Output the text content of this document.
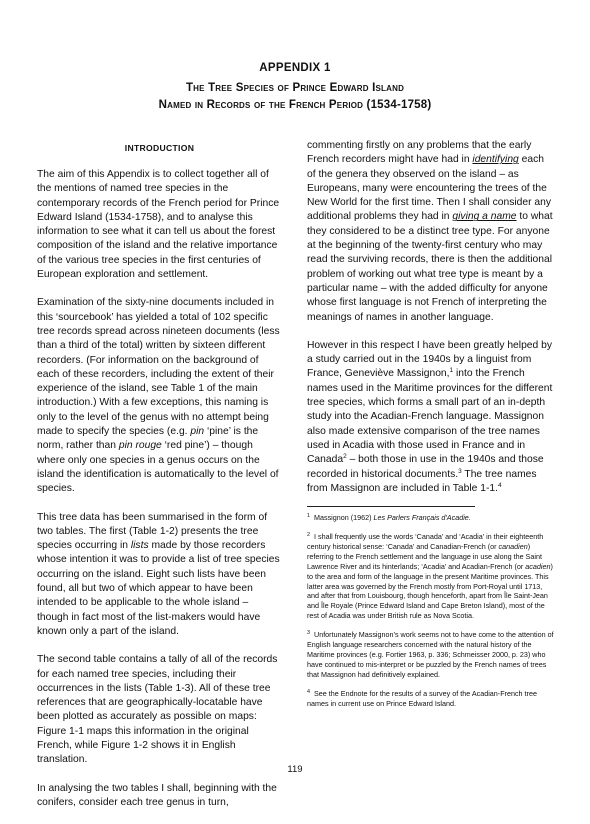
APPENDIX 1
The Tree Species of Prince Edward Island
Named in Records of the French Period (1534-1758)
INTRODUCTION

The aim of this Appendix is to collect together all of the mentions of named tree species in the contemporary records of the French period for Prince Edward Island (1534-1758), and to analyse this information to see what it can tell us about the forest composition of the island and the relative importance of the various tree species in the first centuries of European exploration and settlement.

Examination of the sixty-nine documents included in this ‘sourcebook’ has yielded a total of 102 specific tree records spread across nineteen documents (less than a third of the total) written by sixteen different recorders. (For information on the background of each of these recorders, including the extent of their experience of the island, see Table 1 of the main introduction.) With a few exceptions, this naming is only to the level of the genus with no attempt being made to specify the species (e.g. pin ‘pine’ is the norm, rather than pin rouge ‘red pine’) – though where only one species in a genus occurs on the island the identification is automatically to the level of species.

This tree data has been summarised in the form of two tables. The first (Table 1-2) presents the tree species occurring in lists made by those recorders whose intention it was to provide a list of tree species occurring on the island. Eight such lists have been found, all but two of which appear to have been intended to be applicable to the whole island – though in fact most of the list-makers would have known only a part of the island.

The second table contains a tally of all of the records for each named tree species, including their occurrences in the lists (Table 1-3). All of these tree references that are geographically-locatable have been plotted as accurately as possible on maps: Figure 1-1 maps this information in the original French, while Figure 1-2 shows it in English translation.

In analysing the two tables I shall, beginning with the conifers, consider each tree genus in turn,

commenting firstly on any problems that the early French recorders might have had in identifying each of the genera they observed on the island – as Europeans, many were encountering the trees of the New World for the first time. Then I shall consider any additional problems they had in giving a name to what they considered to be a distinct tree type. For anyone at the beginning of the twenty-first century who may read the surviving records, there is then the additional problem of working out what tree type is meant by a particular name – with the added difficulty for anyone whose first language is not French of interpreting the meanings of names in another language.

However in this respect I have been greatly helped by a study carried out in the 1940s by a linguist from France, Geneviève Massignon,$^1$ into the French names used in the Maritime provinces for the different tree species, which forms a small part of an in-depth study into the Acadian-French language. Massignon also made extensive comparison of the tree names used in Acadia with those used in France and in Canada$^2$ – both those in use in the 1940s and those recorded in historical documents.$^3$ The tree names from Massignon are included in Table 1-1.$^4$

$^1$ Massignon (1962) Les Parlers Français d'Acadie.
$^2$ I shall frequently use the words ‘Canada’ and ‘Acadia’ in their eighteenth century historical sense: ‘Canada’ and Canadian-French (or canadien) referring to the French settlement and the language in use along the Saint Lawrence River and its hinterlands; ‘Acadia’ and Acadian-French (or acadien) to the area and form of the language in the present Maritime provinces. This latter area was governed by the French mostly from Port-Royal until 1713, and after that from Louisbourg, though henceforth, apart from Île Saint-Jean and Île Royale (Prince Edward Island and Cape Breton Island), most of the rest of Acadia was under British rule as Nova Scotia.
$^3$ Unfortunately Massignon’s work seems not to have come to the attention of English language researchers concerned with the natural history of the Maritime provinces (e.g. Fortier 1963, p. 336; Schmeisser 2000, p. 23) who have continued to mis-interpret or be puzzled by the French names of trees that Massignon had definitively explained.
$^4$ See the Endnote for the results of a survey of the Acadian-French tree names in current use on Prince Edward Island.
119
